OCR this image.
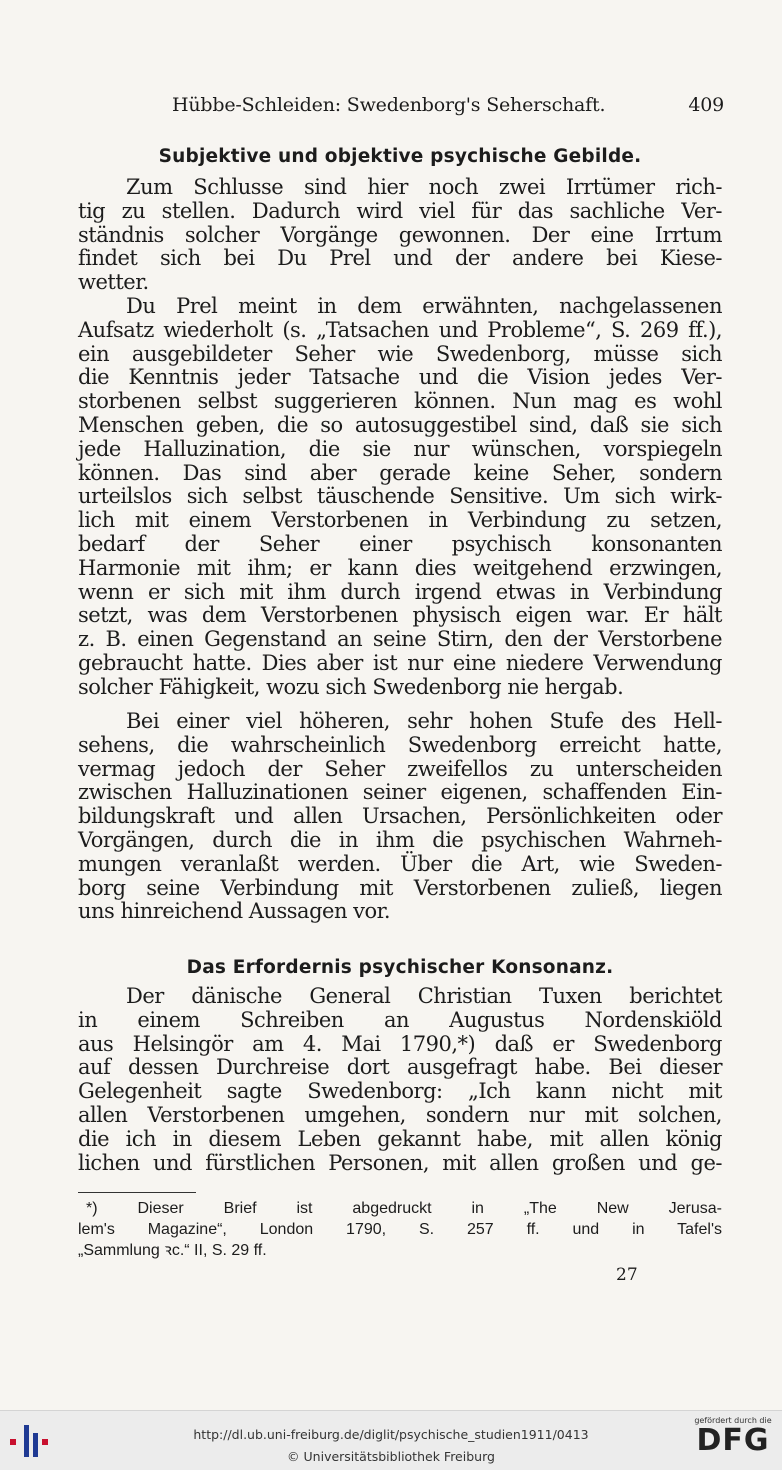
Hübbe-Schleiden: Swedenborg's Seherschaft.	409
Subjektive und objektive psychische Gebilde.
Zum Schlusse sind hier noch zwei Irrtümer rich-
tig zu stellen. Dadurch wird viel für das sachliche Ver-
ständnis solcher Vorgänge gewonnen. Der eine Irrtum
findet sich bei Du Prel und der andere bei Kiese-
wetter.
Du Prel meint in dem erwähnten, nachgelassenen
Aufsatz wiederholt (s. „Tatsachen und Probleme“, S. 269 ff.),
ein ausgebildeter Seher wie Swedenborg, müsse sich
die Kenntnis jeder Tatsache und die Vision jedes Ver-
storbenen selbst suggerieren können. Nun mag es wohl
Menschen geben, die so autosuggestibel sind, daß sie sich
jede Halluzination, die sie nur wünschen, vorspiegeln
können. Das sind aber gerade keine Seher, sondern
urteilslos sich selbst täuschende Sensitive. Um sich wirk-
lich mit einem Verstorbenen in Verbindung zu setzen,
bedarf der Seher einer psychisch konsonanten
Harmonie mit ihm; er kann dies weitgehend erzwingen,
wenn er sich mit ihm durch irgend etwas in Verbindung
setzt, was dem Verstorbenen physisch eigen war. Er hält
z. B. einen Gegenstand an seine Stirn, den der Verstorbene
gebraucht hatte. Dies aber ist nur eine niedere Verwendung
solcher Fähigkeit, wozu sich Swedenborg nie hergab.
Bei einer viel höheren, sehr hohen Stufe des Hell-
sehens, die wahrscheinlich Swedenborg erreicht hatte,
vermag jedoch der Seher zweifellos zu unterscheiden
zwischen Halluzinationen seiner eigenen, schaffenden Ein-
bildungskraft und allen Ursachen, Persönlichkeiten oder
Vorgängen, durch die in ihm die psychischen Wahrneh-
mungen veranlaßt werden. Über die Art, wie Sweden-
borg seine Verbindung mit Verstorbenen zuließ, liegen
uns hinreichend Aussagen vor.
Das Erfordernis psychischer Konsonanz.
Der dänische General Christian Tuxen berichtet
in einem Schreiben an Augustus Nordenskiöld
aus Helsingör am 4. Mai 1790,*) daß er Swedenborg
auf dessen Durchreise dort ausgefragt habe. Bei dieser
Gelegenheit sagte Swedenborg: „Ich kann nicht mit
allen Verstorbenen umgehen, sondern nur mit solchen,
die ich in diesem Leben gekannt habe, mit allen könig
lichen und fürstlichen Personen, mit allen großen und ge-
*) Dieser Brief ist abgedruckt in „The New Jerusa-
lem's Magazine“, London 1790, S. 257 ff. und in Tafel's
„Sammlung ꝛc.“ II, S. 29 ff.
27
http://dl.ub.uni-freiburg.de/diglit/psychische_studien1911/0413
© Universitätsbibliothek Freiburg
gefördert durch die
DFG
